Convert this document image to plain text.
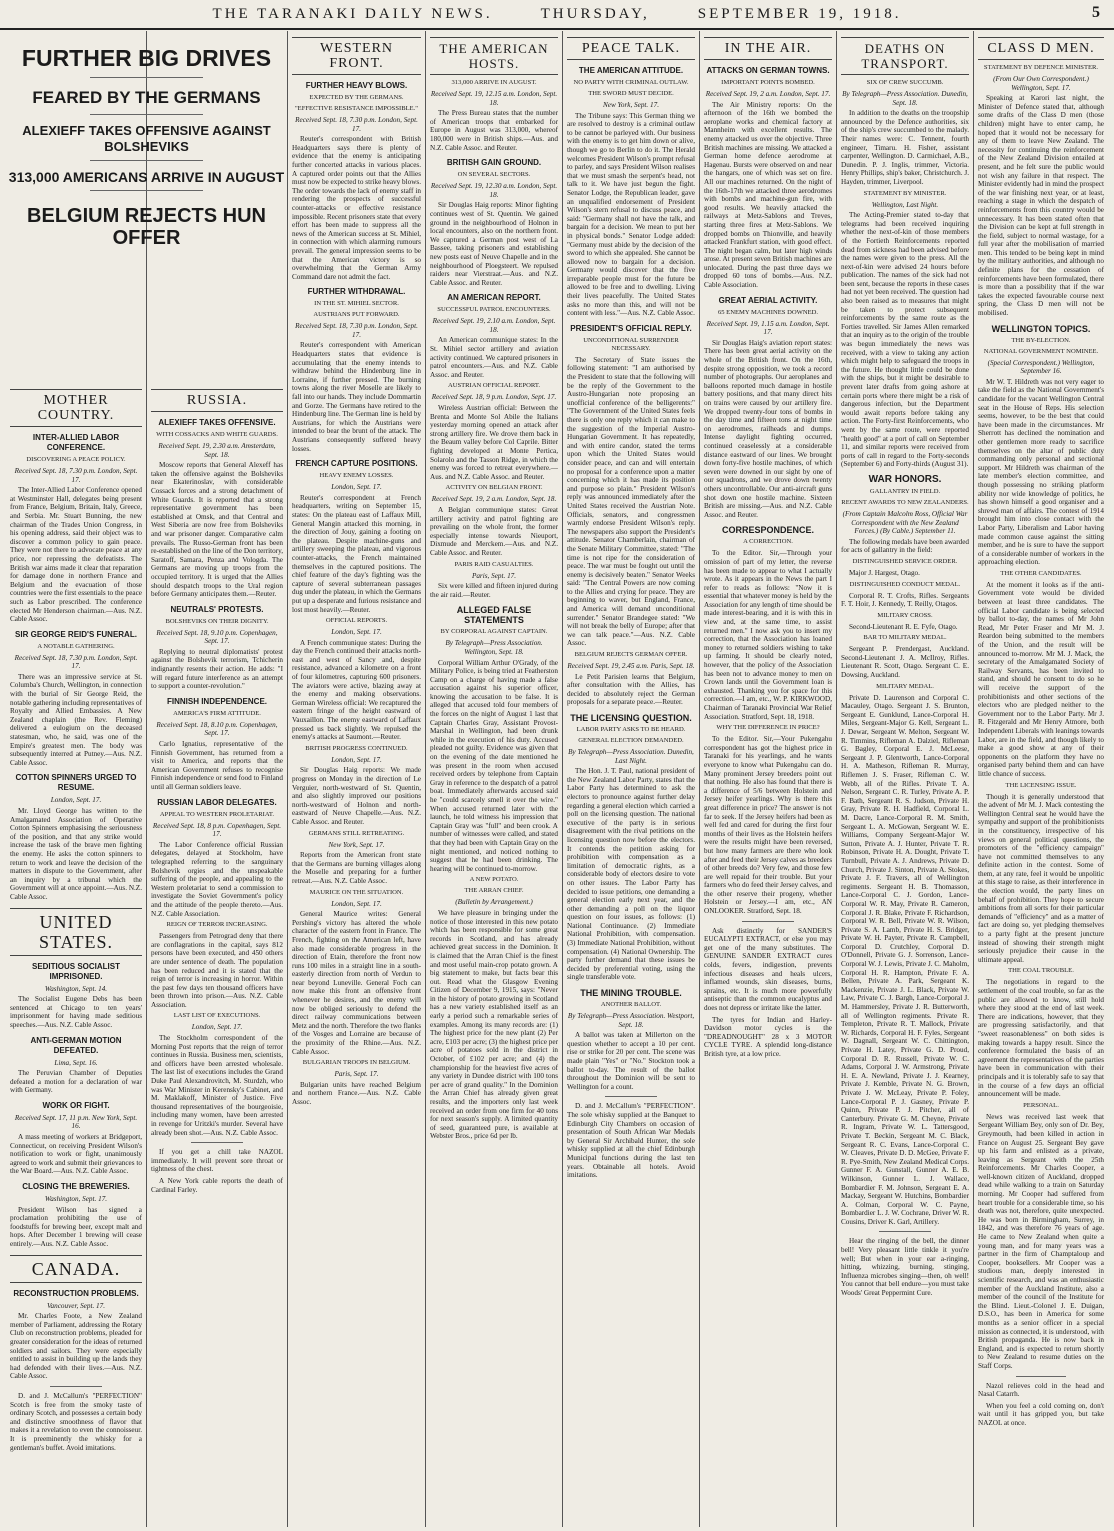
THE TARANAKI DAILY NEWS.	THURSDAY,	SEPTEMBER 19, 1918.	5
MOTHER COUNTRY.
INTER-ALLIED LABOR CONFERENCE.
DISCOVERING A PEACE POLICY.
Received Sept. 18, 7.30 p.m. London, Sept. 17.

The Inter-Allied Labor Conference opened at Westminster Hall, delegates being present from France, Belgium, Britain, Italy, Greece, and Serbia. Mr. Stuart Bunning, the new chairman of the Trades Union Congress, in his opening address, said their object was to discover a common policy to gain peace. They were not there to advocate peace at any price, nor repressing the defeatists. The British war aims made it clear that reparation for damage done in northern France and Belgium and the evacuation of those countries were the first essentials to the peace such as Labor prescribed. The conference elected Mr Henderson chairman.—Aus. N.Z. Cable Assoc.

SIR GEORGE REID'S FUNERAL.
A NOTABLE GATHERING.
Received Sept. 18, 7.30 p.m. London, Sept. 17.

There was an impressive service at St. Columba's Church, Wellington, in connection with the burial of Sir George Reid, the notable gathering including representatives of Royalty and Allied Embassies. A New Zealand chaplain (the Rev. Fleming) delivered a eulogium on the deceased statesman, who, he said, was one of the Empire's greatest men. The body was subsequently interred at Putney.—Aus. N.Z. Cable Assoc.

COTTON SPINNERS URGED TO RESUME.
London, Sept. 17.

Mr. Lloyd George has written to the Amalgamated Association of Operative Cotton Spinners emphasising the seriousness of the position, and that any strike would increase the task of the brave men fighting the enemy. He asks the cotton spinners to return to work and leave the decision of the matters in dispute to the Government, after an inquiry by a tribunal which the Government will at once appoint.—Aus. N.Z. Cable Assoc.

UNITED STATES.
SEDITIOUS SOCIALIST IMPRISONED.
Washington, Sept. 14.

The Socialist Eugene Debs has been sentenced at Chicago to ten years' imprisonment for having made seditious speeches.—Aus. N.Z. Cable Assoc.

ANTI-GERMAN MOTION DEFEATED.
Lima, Sept. 16.

The Peruvian Chamber of Deputies defeated a motion for a declaration of war with Germany.

WORK OR FIGHT.
Received Sept. 17, 11 p.m. New York, Sept. 16.

A mass meeting of workers at Bridgeport, Connecticut, on receiving President Wilson's notification to work or fight, unanimously agreed to work and submit their grievances to the War Board.—Aus. N.Z. Cable Assoc.

CLOSING THE BREWERIES.
Washington, Sept. 17.

President Wilson has signed a proclamation prohibiting the use of foodstuffs for brewing beer, except malt and hops. After December 1 brewing will cease entirely.—Aus. N.Z. Cable Assoc.

CANADA.
RECONSTRUCTION PROBLEMS.
Vancouver, Sept. 17.

Mr. Charles Foote, a New Zealand member of Parliament, addressing the Rotary Club on reconstruction problems, pleaded for greater consideration for the ideas of returned soldiers and sailors. They were especially entitled to assist in building up the lands they had defended with their lives.—Aus. N.Z. Cable Assoc.

D. and J. McCallum's "PERFECTION" Scotch is free from the smoky taste of ordinary Scotch, and possesses a certain body and distinctive smoothness of flavor that makes it a revelation to even the connoisseur. It is preeminently the whisky for a gentleman's buffet. Avoid imitations.

RUSSIA.
ALEXIEFF TAKES OFFENSIVE.
WITH COSSACKS AND WHITE GUARDS.
Received Sept. 19, 2.30 a.m. Amsterdam, Sept. 18.

Moscow reports that General Alexeff has taken the offensive against the Bolsheviks near Ekaterinoslav, with considerable Cossack forces and a strong detachment of White Guards. It is reported that a strong representative government has been established at Omsk, and that Central and West Siberia are now free from Bolsheviks and war prisoner danger. Comparative calm prevails. The Russo-German front has been re-established on the line of the Don territory, Saratoff, Samara, Penza and Vologda. The Germans are moving up troops from the occupied territory. It is urged that the Allies should despatch troops to the Ural region before Germany anticipates them.—Reuter.

NEUTRALS' PROTESTS.
BOLSHEVIKS ON THEIR DIGNITY.
Received Sept. 18, 9.10 p.m. Copenhagen, Sept. 17.

Replying to neutral diplomatists' protest against the Bolshevik terrorism, Tchicherin indignantly resents their action. He adds: "I will regard future interference as an attempt to support a counter-revolution."

FINNISH INDEPENDENCE.
AMERICA'S FIRM ATTITUDE.
Received Sept. 18, 8.10 p.m. Copenhagen, Sept. 17.

Carlo Ignatius, representative of the Finnish Government, has returned from a visit to America, and reports that the American Government refuses to recognise Finnish independence or send food to Finland until all German soldiers leave.

RUSSIAN LABOR DELEGATES.
APPEAL TO WESTERN PROLETARIAT.
Received Sept. 18, 8 p.m. Copenhagen, Sept. 17.

The Labor Conference official Russian delegates, delayed at Stockholm, have telegraphed referring to the sanguinary Bolshevik orgies and the unspeakable suffering of the people, and appealing to the Western proletariat to send a commission to investigate the Soviet Government's policy and the attitude of the people thereto.—Aus. N.Z. Cable Association.

REIGN OF TERROR INCREASING.

Passengers from Petrograd deny that there are conflagrations in the capital, says 812 persons have been executed, and 450 others are under sentence of death. The population has been reduced and it is stated that the reign of terror is increasing in horror. Within the past few days ten thousand officers have been thrown into prison.—Aus. N.Z. Cable Association.

LAST LIST OF EXECUTIONS.
London, Sept. 17.

The Stockholm correspondent of the Morning Post reports that the reign of terror continues in Russia. Business men, scientists, and officers have been arrested wholesale. The last list of executions includes the Grand Duke Paul Alexandrovitch, M. Sturdzh, who was War Minister in Kerensky's Cabinet, and M. Maklakoff, Minister of Justice. Five thousand representatives of the bourgeoisie, including many women, have been arrested in revenge for Uritzki's murder. Several have already been shot.—Aus. N.Z. Cable Assoc.

If you get a chill take NAZOL immediately. It will prevent sore throat or tightness of the chest.

A New York cable reports the death of Cardinal Farley.

FURTHER BIG DRIVES
FEARED BY THE GERMANS
ALEXIEFF TAKES OFFENSIVE AGAINST BOLSHEVIKS
313,000 AMERICANS ARRIVE IN AUGUST
BELGIUM REJECTS HUN OFFER
WESTERN FRONT.
FURTHER HEAVY BLOWS.
EXPECTED BY THE GERMANS.
"EFFECTIVE RESISTANCE IMPOSSIBLE."
Received Sept. 18, 7.30 p.m. London, Sept. 17.

Reuter's correspondent with British Headquarters says there is plenty of evidence that the enemy is anticipating further concerted attacks in various places. A captured order points out that the Allies must now be expected to strike heavy blows. The order towards the lack of enemy staff in rendering the prospects of successful counter-attacks or effective resistance impossible. Recent prisoners state that every effort has been made to suppress all the news of the American success at St. Mihiel, in connection with which alarming rumours prevail. The general impression seems to be that the American victory is so overwhelming that the German Army Command dare not admit the fact.

FURTHER WITHDRAWAL.
IN THE ST. MIHIEL SECTOR.
AUSTRIANS PUT FORWARD.
Received Sept. 18, 7.30 p.m. London, Sept. 17.

Reuter's correspondent with American Headquarters states that evidence is accumulating that the enemy intends to withdraw behind the Hindenburg line in Lorraine, if further pressed. The burning towns along the river Moselle are likely to fall into our hands. They include Dommartin and Gorze. The Germans have retired to the Hindenburg line. The German line is held by Austrians, for which the Austrians were intended to bear the brunt of the attack. The Austrians consequently suffered heavy losses.

FRENCH CAPTURE POSITIONS.
HEAVY ENEMY LOSSES.
London, Sept. 17.

Reuter's correspondent at French headquarters, writing on September 15, states: On the plateau east of Laffaux Mill, General Mangin attacked this morning, in the direction of Jouy, gaining a footing on the plateau. Despite machine-guns and artillery sweeping the plateau, and vigorous counter-attacks, the French maintained themselves in the captured positions. The chief feature of the day's fighting was the capture of several subterranean passages dug under the plateau, in which the Germans put up a desperate and furious resistance and lost most heavily.—Reuter.

OFFICIAL REPORTS.
London, Sept. 17.

A French communique states: During the day the French continued their attacks north-east and west of Sancy and, despite resistance, advanced a kilometre on a front of four kilometres, capturing 600 prisoners. The aviators were active, blazing away at the enemy and making observations. German Wireless official: We recaptured the eastern fringe of the height eastward of Vauxaillon. The enemy eastward of Laffaux pressed us back slightly. We repulsed the enemy's attacks at Saumont.—Reuter.

BRITISH PROGRESS CONTINUED.
London, Sept. 17.

Sir Douglas Haig reports: We made progress on Monday in the direction of Le Verguier, north-westward of St. Quentin, and also slightly improved our positions north-westward of Holnon and north-eastward of Neuve Chapelle.—Aus. N.Z. Cable Assoc. and Reuter.

GERMANS STILL RETREATING.
New York, Sept. 17.

Reports from the American front state that the Germans are burning villages along the Moselle and preparing for a further retreat.—Aus. N.Z. Cable Assoc.

MAURICE ON THE SITUATION.
London, Sept. 17.

General Maurice writes: General Pershing's victory has altered the whole character of the eastern front in France. The French, fighting on the American left, have also made considerable progress in the direction of Etain, therefore the front now runs 100 miles in a straight line in a south-easterly direction from north of Verdun to near beyond Luneville. General Foch can now make this front an offensive front whenever he desires, and the enemy will now be obliged seriously to defend the direct railway communications between Metz and the north. Therefore the two flanks of the Vosges and Lorraine are because of the proximity of the Rhine.—Aus. N.Z. Cable Assoc.

BULGARIAN TROOPS IN BELGIUM.
Paris, Sept. 17.

Bulgarian units have reached Belgium and northern France.—Aus. N.Z. Cable Assoc.

THE AMERICAN HOSTS.
313,000 ARRIVE IN AUGUST.
Received Sept. 19, 12.15 a.m. London, Sept. 18.

The Press Bureau states that the number of American troops that embarked for Europe in August was 313,000, whereof 180,000 were in British ships.—Aus. and N.Z. Cable Assoc. and Reuter.

BRITISH GAIN GROUND.
ON SEVERAL SECTORS.
Received Sept. 19, 12.30 a.m. London, Sept. 18.

Sir Douglas Haig reports: Minor fighting continues west of St. Quentin. We gained ground in the neighbourhood of Holnon in local encounters, also on the northern front. We captured a German post west of La Bassee, taking prisoners and establishing new posts east of Neuve Chapelle and in the neighbourhood of Ploegsteert. We repulsed raiders near Vierstraat.—Aus. and N.Z. Cable Assoc. and Reuter.

AN AMERICAN REPORT.
SUCCESSFUL PATROL ENCOUNTERS.
Received Sept. 19, 2.10 a.m. London, Sept. 18.

An American communique states: In the St. Mihiel sector artillery and aviation activity continued. We captured prisoners in patrol encounters.—Aus. and N.Z. Cable Assoc. and Reuter.

AUSTRIAN OFFICIAL REPORT.
Received Sept. 18, 9 p.m. London, Sept. 17.

Wireless Austrian official: Between the Brenta and Monte Sol Abile the Italians yesterday morning opened an attack after strong artillery fire. We drove them back in the Beaum valley before Col Caprile. Bitter fighting developed at Monte Pertica, Solarolo and the Tasson Ridge, in which the enemy was forced to retreat everywhere.—Aus. and N.Z. Cable Assoc. and Reuter.

ACTIVITY ON BELGIAN FRONT.
Received Sept. 19, 2 a.m. London, Sept. 18.

A Belgian communique states: Great artillery activity and patrol fighting are prevailing on the whole front, the former especially intense towards Nieuport, Dixmude and Merckem.—Aus. and N.Z. Cable Assoc. and Reuter.

PARIS RAID CASUALTIES.
Paris, Sept. 17.

Six were killed and fifteen injured during the air raid.—Reuter.

ALLEGED FALSE STATEMENTS
BY CORPORAL AGAINST CAPTAIN.
By Telegraph—Press Association. Wellington, Sept. 18.

Corporal William Arthur O'Grady, of the Military Police, is being tried at Featherston Camp on a charge of having made a false accusation against his superior officer, knowing the accusation to be false. It is alleged that accused told four members of the forces on the night of August 1 last that Captain Charles Gray, Assistant Provost-Marshal in Wellington, had been drunk while in the execution of his duty. Accused pleaded not guilty. Evidence was given that on the evening of the date mentioned he was present in the room when accused received orders by telephone from Captain Gray in reference to the despatch of a patrol boat. Immediately afterwards accused said he "could scarcely smell it over the wire." When accused returned later with the launch, he told witness his impression that Captain Gray was "full" and been crook. A number of witnesses were called, and stated that they had been with Captain Gray on the night mentioned, and noticed nothing to suggest that he had been drinking. The hearing will be continued to-morrow.

A NEW POTATO.
THE ARRAN CHIEF.
(Bulletin by Arrangement.)

We have pleasure in bringing under the notice of those interested in this new potato which has been responsible for some great records in Scotland, and has already achieved great success in the Dominion. It is claimed that the Arran Chief is the finest and most useful main-crop potato grown. A big statement to make, but facts bear this out. Read what the Glasgow Evening Citizen of December 9, 1915, says: "Never in the history of potato growing in Scotland has a new variety established itself as an early a period such a remarkable series of examples. Among its many records are: (1) The highest price for the new plant (2) Per acre, £103 per acre; (3) the highest price per acre of potatoes sold in the district in October, of £102 per acre; and (4) the championship for the heaviest five acres of any variety in Dundee district with 100 tons per acre of grand quality." In the Dominion the Arran Chief has already given great results, and the importers only last week received an order from one firm for 40 tons for next season's supply. A limited quantity of seed, guaranteed pure, is available at Webster Bros., price 6d per lb.

PEACE TALK.
THE AMERICAN ATTITUDE.
NO PARTY WITH CRIMINAL OUTLAW.
THE SWORD MUST DECIDE.
New York, Sept. 17.

The Tribune says: This German thing we are resolved to destroy is a criminal outlaw to be cannot be parleyed with. Our business with the enemy is to get him down or alive, though we go to Berlin to do it. The Herald welcomes President Wilson's prompt refusal to parley, and says President Wilson realises that we must smash the serpent's head, not talk to it. We have just begun the fight. Senator Lodge, the Republican leader, gave an unqualified endorsement of President Wilson's stern refusal to discuss peace, and said: "Germany shall not have the talk, and bargain for a decision. We mean to put her in physical bonds." Senator Lodge added: "Germany must abide by the decision of the sword to which she appealed. She cannot be allowed now to bargain for a decision. Germany would discover that the five irreparable people must for the future be allowed to be free and to dwelling. Living their lives peacefully. The United States asks no more than this, and will not be content with less."—Aus. N.Z. Cable Assoc.

PRESIDENT'S OFFICIAL REPLY.
UNCONDITIONAL SURRENDER NECESSARY.

The Secretary of State issues the following statement: "I am authorised by the President to state that the following will be the reply of the Government to the Austro-Hungarian note proposing an unofficial conference of the belligerents:" "The Government of the United States feels there is only one reply which it can make to the suggestion of the Imperial Austro-Hungarian Government. It has repeatedly, and with entire candor, stated the terms upon which the United States would consider peace, and can and will entertain no proposal for a conference upon a matter concerning which it has made its position and purpose so plain." President Wilson's reply was announced immediately after the United States received the Austrian Note. Officials, senators, and congressmen warmly endorse President Wilson's reply. The newspapers also support the President's attitude. Senator Chamberlain, chairman of the Senate Military Committee, stated: "The time is not ripe for the consideration of peace. The war must be fought out until the enemy is decisively beaten." Senator Weeks said: "The Central Powers are now coming to the Allies and crying for peace. They are beginning to waver, but England, France, and America will demand unconditional surrender." Senator Brandegee stated: "We will not break the belly of Europe; after that we can talk peace."—Aus. N.Z. Cable Assoc.

BELGIUM REJECTS GERMAN OFFER.
Received Sept. 19, 2.45 a.m. Paris, Sept. 18.

Le Petit Parisien learns that Belgium, after consultation with the Allies, has decided to absolutely reject the German proposals for a separate peace.—Reuter.

THE LICENSING QUESTION.
LABOR PARTY ASKS TO BE HEARD.
GENERAL ELECTION DEMANDED.
By Telegraph—Press Association. Dunedin, Last Night.

The Hon. J. T. Paul, national president of the New Zealand Labor Party, states that the Labor Party has determined to ask the electors to pronounce against further delay regarding a general election which carried a poll on the licensing question. The national executive of the party is in serious disagreement with the rival petitions on the licensing question now before the electors. It contends the petition asking for prohibition with compensation as a limitation of democratic rights, as a considerable body of electors desire to vote on other issues. The Labor Party has decided to issue petitions, one demanding a general election early next year, and the other demanding a poll on the liquor question on four issues, as follows: (1) National Continuance. (2) Immediate National Prohibition, with compensation. (3) Immediate National Prohibition, without compensation. (4) National Ownership. The party further demand that these issues be decided by preferential voting, using the single transferable vote.

THE MINING TROUBLE.
ANOTHER BALLOT.
By Telegraph—Press Association. Westport, Sept. 18.

A ballot was taken at Millerton on the question whether to accept a 10 per cent. rise or strike for 20 per cent. The scene was made plain "Yes" or "No." Stockton took a ballot to-day. The result of the ballot throughout the Dominion will be sent to Wellington for a count.

D. and J. McCallum's "PERFECTION". The sole whisky supplied at the Banquet to Edinburgh City Chambers on occasion of presentation of South African War Medals by General Sir Archibald Hunter, the sole whisky supplied at all the chief Edinburgh Municipal functions during the last ten years. Obtainable all hotels. Avoid imitations.

IN THE AIR.
ATTACKS ON GERMAN TOWNS.
IMPORTANT POINTS BOMBED.
Received Sept. 19, 2 a.m. London, Sept. 17.

The Air Ministry reports: On the afternoon of the 16th we bombed the aeroplane works and chemical factory at Mannheim with excellent results. The enemy attacked us over the objective. Three British machines are missing. We attacked a German home defence aerodrome at Hagenau. Bursts were observed on and near the hangars, one of which was set on fire. All our machines returned. On the night of the 16th-17th we attacked three aerodromes with bombs and machine-gun fire, with good results. We heavily attacked the railways at Metz-Sablons and Treves, starting three fires at Metz-Sablons. We dropped bombs on Thionville, and heavily attacked Frankfurt station, with good effect. The night began calm, but later high winds arose. At present seven British machines are unlocated. During the past three days we dropped 60 tons of bombs.—Aus. N.Z. Cable Association.

GREAT AERIAL ACTIVITY.
65 ENEMY MACHINES DOWNED.
Received Sept. 19, 1.15 a.m. London, Sept. 17.

Sir Douglas Haig's aviation report states: There has been great aerial activity on the whole of the British front. On the 16th, despite strong opposition, we took a record number of photographs. Our aeroplanes and balloons reported much damage in hostile battery positions, and that many direct hits on trains were caused by our artillery fire. We dropped twenty-four tons of bombs in the day time and fifteen tons at night time on aerodromes, railheads and dumps. Intense daylight fighting occurred, continued ceaselessly at a considerable distance eastward of our lines. We brought down forty-five hostile machines, of which seven were downed in our sight by one of our squadrons, and we drove down twenty others uncontrollable. Our anti-aircraft guns shot down one hostile machine. Sixteen British are missing.—Aus. and N.Z. Cable Assoc. and Reuter.

CORRESPONDENCE.
A CORRECTION.

To the Editor. Sir,—Through your omission of part of my letter, the reverse has been made to appear to what I actually wrote. As it appears in the News the part I refer to reads as follows: "Now it is essential that whatever money is held by the Association for any length of time should be made interest-bearing, and it is with this in view and, at the same time, to assist returned men." I now ask you to insert my correction, that the Association has loaned money to returned soldiers wishing to take up farming. It should be clearly noted, however, that the policy of the Association has been not to advance money to men on Crown lands until the Government loan is exhausted. Thanking you for space for this correction.—I am, etc., W. P. KIRKWOOD, Chairman of Taranaki Provincial War Relief Association. Stratford, Sept. 18, 1918.

WHY THE DIFFERENCE IN PRICE?

To the Editor. Sir,—Your Pukengahu correspondent has got the highest price in Taranaki for his yearlings, and he wants everyone to know what Pukengahu can do. Many prominent Jersey breeders point out that nothing. He also has found that there is a difference of 5/6 between Holstein and Jersey heifer yearlings. Why is there this great difference in price? The answer is not far to seek. If the Jersey heifers had been as well fed and cared for during the first four months of their lives as the Holstein heifers were the results might have been reversed, but how many farmers are there who look after and feed their Jersey calves as breeders of other breeds do? Very few, and those few are well repaid for their trouble. But your farmers who do feed their Jersey calves, and the other reserve their progeny, whether Holstein or Jersey.—I am, etc., AN ONLOOKER. Stratford, Sept. 18.

Ask distinctly for SANDER'S EUCALYPTI EXTRACT, or else you may get one of the many substitutes. The GENUINE SANDER EXTRACT cures colds, fevers, indigestion, prevents infectious diseases and heals ulcers, inflamed wounds, skin diseases, burns, sprains, etc. It is much more powerfully antiseptic than the common eucalyptus and does not depress or irritate like the latter.

The tyres for Indian and Harley-Davidson motor cycles is the "DREADNOUGHT" 28 x 3 MOTOR CYCLE TYRE. A splendid long-distance British tyre, at a low price.

DEATHS ON TRANSPORT.
SIX OF CREW SUCCUMB.
By Telegraph—Press Association. Dunedin, Sept. 18.

In addition to the deaths on the troopship announced by the Defence authorities, six of the ship's crew succumbed to the malady. Their names were: C. Tennent, fourth engineer, Timaru. H. Fisher, assistant carpenter, Wellington. D. Carmichael, A.B., Dunedin. P. J. Inglis, trimmer, Victoria. Henry Phillips, ship's baker, Christchurch. J. Hayden, trimmer, Liverpool.

STATEMENT BY MINISTER.
Wellington, Last Night.

The Acting-Premier stated to-day that telegrams had been received inquiring whether the next-of-kin of those members of the Fortieth Reinforcements reported dead from sickness had been advised before the names were given to the press. All the next-of-kin were advised 24 hours before publication. The names of the sick had not been sent, because the reports in these cases had not yet been received. The question had also been raised as to measures that might be taken to protect subsequent reinforcements by the same route as the Forties travelled. Sir James Allen remarked that an inquiry as to the origin of the trouble was begun immediately the news was received, with a view to taking any action which might help to safeguard the troops in the future. He thought little could be done with the ships, but it might be desirable to prevent later drafts from going ashore at certain ports where there might be a risk of dangerous infection, but the Department would await reports before taking any action. The Forty-first Reinforcements, who went by the same route, were reported "health good" at a port of call on September 11, and similar reports were received from ports of call in regard to the Forty-seconds (September 6) and Forty-thirds (August 31).

WAR HONORS.
GALLANTRY IN FIELD.
RECENT AWARDS TO NEW ZEALANDERS.
(From Captain Malcolm Ross, Official War Correspondent with the New Zealand Forces.) (By Cable.) September 11.

The following medals have been awarded for acts of gallantry in the field:

DISTINGUISHED SERVICE ORDER.

Major J. Hargest, Otago.

DISTINGUISHED CONDUCT MEDAL.

Corporal R. T. Crofts, Rifles. Sergeants F. T. Hoir, J. Kennedy, T. Reilly, Otagos.

MILITARY CROSS.

Second-Lieutenant R. E. Fyfe, Otago.

BAR TO MILITARY MEDAL.

Sergeant P. Prendergast, Auckland. Second-Lieutenant J. A. McIlroy, Rifles. Lieutenant R. Scott, Otago. Sergeant C. E. Dowsing, Auckland.

MILITARY MEDAL.

Private D. Laurenson and Corporal C. Macauley, Otago. Sergeant J. S. Brunton, Sergeant E. Gunklund, Lance-Corporal H. Miles, Sergeant-Major G. Kell, Sergeant L. J. Dewar, Sergeant W. Melton, Sergeant W. R. Timmins, Rifleman A. Dalziel, Rifleman G. Bagley, Corporal E. J. McLeese, Sergeant J. P. Glentworth, Lance-Corporal H. A. Matheson, Rifleman R. Murray, Riflemen J. S. Fraser, Rifleman C. W. Webb, all of the Rifles. Private T. A. Nelson, Sergeant C. R. Turley, Private A. P. F. Bath, Sergeant R. S. Judson, Private H. Gray, Private R. H. Hadfield, Corporal L. M. Dacre, Lance-Corporal R. M. Smith, Sergeant L. A. McGowan, Sergeant W. E. Williams, Company Sergeant-Major W. Sutton, Private A. J. Hunter, Private T. R. Robinson, Private H. A. Dought, Private T. Turnbull, Private A. J. Andrews, Private D. Church, Private J. Sinton, Private A. Stokes, Private J. F. Travers, all of Wellington regiments. Sergeant H. B. Thomasson, Lance-Corporal C. J. Gordon, Lance-Corporal W. R. May, Private R. Cameron, Corporal J. R. Blake, Private F. Richardson, Corporal W. R. Bell, Private W. R. Wilson, Private S. A. Lamb, Private H. S. Bridger, Private W. H. Payter, Private R. Campbell, Corporal D. Crutchley, Corporal D. O'Donnell, Private G. J. Sorrenson, Lance-Corporal W. J. Lewis, Private J. C. Maholm, Corporal H. R. Hampton, Private F. A. Bellen, Private A. Park, Sergeant K. Mackenzie, Private J. L. Black, Private W. Law, Private C. J. Bargh, Lance-Corporal J. M. Hammersley, Private J. R. Butterworth, all of Wellington regiments. Private R. Templeton, Private R. T. Mallock, Private W. Richards, Corporal H. F. Fyles, Sergeant W. Dagnall, Sergeant W. C. Chittington, Private H. Latey, Private G. D. Proud, Corporal D. R. Russell, Private W. C. Adams, Corporal J. W. Armstrong, Private H. E. A. Newland, Private J. J. Kearney, Private J. Kemble, Private N. G. Brown, Private J. W. McLeay, Private P. Foley, Lance-Corporal P. J. Gasney, Private P. Quinn, Private P. J. Pitcher, all of Canterbury. Private G. M. Cheyne, Private R. Ingram, Private W. L. Tattersgood, Private T. Beckin, Sergeant M. C. Black, Sergeant R. C. Evans, Lance-Corporal C. W. Cleaves, Private D. D. McGee, Private F. R. Pye-Smith, New Zealand Medical Corps. Gunner F. A. Gunstall, Gunner A. E. B. Wilkinson, Gunner L. J. Wallace, Bombardier F. M. Johnson, Sergeant E. A. Mackay, Sergeant W. Hutchins, Bombardier A. Colman, Corporal W. C. Payne, Bombardier L. J. W. Cochrane, Driver W. R. Cousins, Driver K. Garl, Artillery.

Hear the ringing of the bell, the dinner bell! Very pleasant little tinkle it you're well; But when in your ear a-ringing, hitting, whizzing, burning, stinging, Influenza microbes singing—then, oh well! You cannot that bell endure—you must take Woods' Great Peppermint Cure.

CLASS D MEN.
STATEMENT BY DEFENCE MINISTER.
(From Our Own Correspondent.) Wellington, Sept. 17.

Speaking at Karori last night, the Minister of Defence stated that, although some drafts of the Class D men (those children) might have to enter camp, he hoped that it would not be necessary for any of them to leave New Zealand. The necessity for continuing the reinforcement of the New Zealand Division entailed at present, and he felt sure the public would not wish any failure in that respect. The Minister evidently had in mind the prospect of the war finishing next year, or at least, reaching a stage in which the despatch of reinforcements from this country would be unnecessary. It has been stated often that the Division can be kept at full strength in the field, subject to normal wastage, for a full year after the mobilisation of married men. This tended to be being kept in mind by the military authorities, and although no definite plans for the cessation of reinforcements have been formulated, there is more than a possibility that if the war takes the expected favourable course next spring, the Class D men will not be mobilised.

WELLINGTON TOPICS.
THE BY-ELECTION.
NATIONAL GOVERNMENT NOMINEE.
(Special Correspondent.) Wellington, September 16.

Mr W. T. Hildreth was not very eager to take the field as the National Government's candidate for the vacant Wellington Central seat in the House of Reps. His selection seems, however, to be the best that could have been made in the circumstances. Mr Sherrott has declined the nomination and other gentlemen more ready to sacrifice themselves on the altar of public duty commanding only personal and sectional support. Mr Hildreth was chairman of the late member's election committee, and though possessing no striking platform ability nor wide knowledge of politics, he has shown himself a good organiser and a shrewd man of affairs. The contest of 1914 brought him into close contact with the Labor Party, Liberalism and Labor having made common cause against the sitting member, and he is sure to have the support of a considerable number of workers in the approaching election.

THE OTHER CANDIDATES.

At the moment it looks as if the anti-Government vote would be divided between at least three candidates. The official Labor candidate is being selected by ballot to-day, the names of Mr John Read, Mr Peter Fraser and Mr M. J. Reardon being submitted to the members of the Union, and the result will be announced to-morrow. Mr M. J. Mack, the secretary of the Amalgamated Society of Railway Servants, has been invited to stand, and should he consent to do so he will receive the support of the prohibitionists and other sections of the electors who are pledged neither to the Government nor to the Labor Party. Mr J. R. Fitzgerald and Mr Henry Atmore, both Independent Liberals with leanings towards Labor, are in the field, and though likely to make a good show at any of their opponents on the platform they have no organised party behind them and can have little chance of success.

THE LICENSING ISSUE.

Though it is generally understood that the advent of Mr M. J. Mack contesting the Wellington Central seat he would have the sympathy and support of the prohibitionists in the constituency, irrespective of his views on general political questions, the promoters of the "efficiency campaign" have not committed themselves to any definite action in the contest. Some of them, at any rate, feel it would be unpolitic at this stage to raise, as their interference in the election would, the party lines on behalf of prohibition. They hope to secure ambitions from all sorts for their particular demands of "efficiency" and as a matter of fact are doing so, yet pledging themselves to a party fight at the present juncture instead of showing their strength might seriously prejudice their cause in the ultimate appeal.

THE COAL TROUBLE.

The negotiations in regard to the settlement of the coal trouble, so far as the public are allowed to know, still hold where they stood at the end of last week. There are indications, however, that they are progressing satisfactorily, and that "sweet reasonableness" on both sides is making towards a happy result. Since the conference formulated the basis of an agreement the representatives of the parties have been in communication with their principals and it is tolerably safe to say that in the course of a few days an official announcement will be made.

PERSONAL.

News was received last week that Sergeant William Bey, only son of Dr. Bey, Greymouth, had been killed in action in France on August 25. Sergeant Bey gave up his farm and enlisted as a private, leaving as Sergeant with the 25th Reinforcements. Mr Charles Cooper, a well-known citizen of Auckland, dropped dead while walking to a train on Saturday morning. Mr Cooper had suffered from heart trouble for a considerable time, so his death was not, therefore, quite unexpected. He was born in Birmingham, Surrey, in 1842, and was therefore 76 years of age. He came to New Zealand when quite a young man, and for many years was a partner in the firm of Champtaloup and Cooper, booksellers. Mr Cooper was a studious man, deeply interested in scientific research, and was an enthusiastic member of the Auckland Institute, also a member of the council of the Institute for the Blind. Lieut.-Colonel J. E. Duigan, D.S.O., has been in America for some months as a senior officer in a special mission as connected, it is understood, with British propaganda. He is now back in England, and is expected to return shortly to New Zealand to resume duties on the Staff Corps.

Nazol relieves cold in the head and Nasal Catarrh.

When you feel a cold coming on, don't wait until it has gripped you, but take NAZOL at once.
